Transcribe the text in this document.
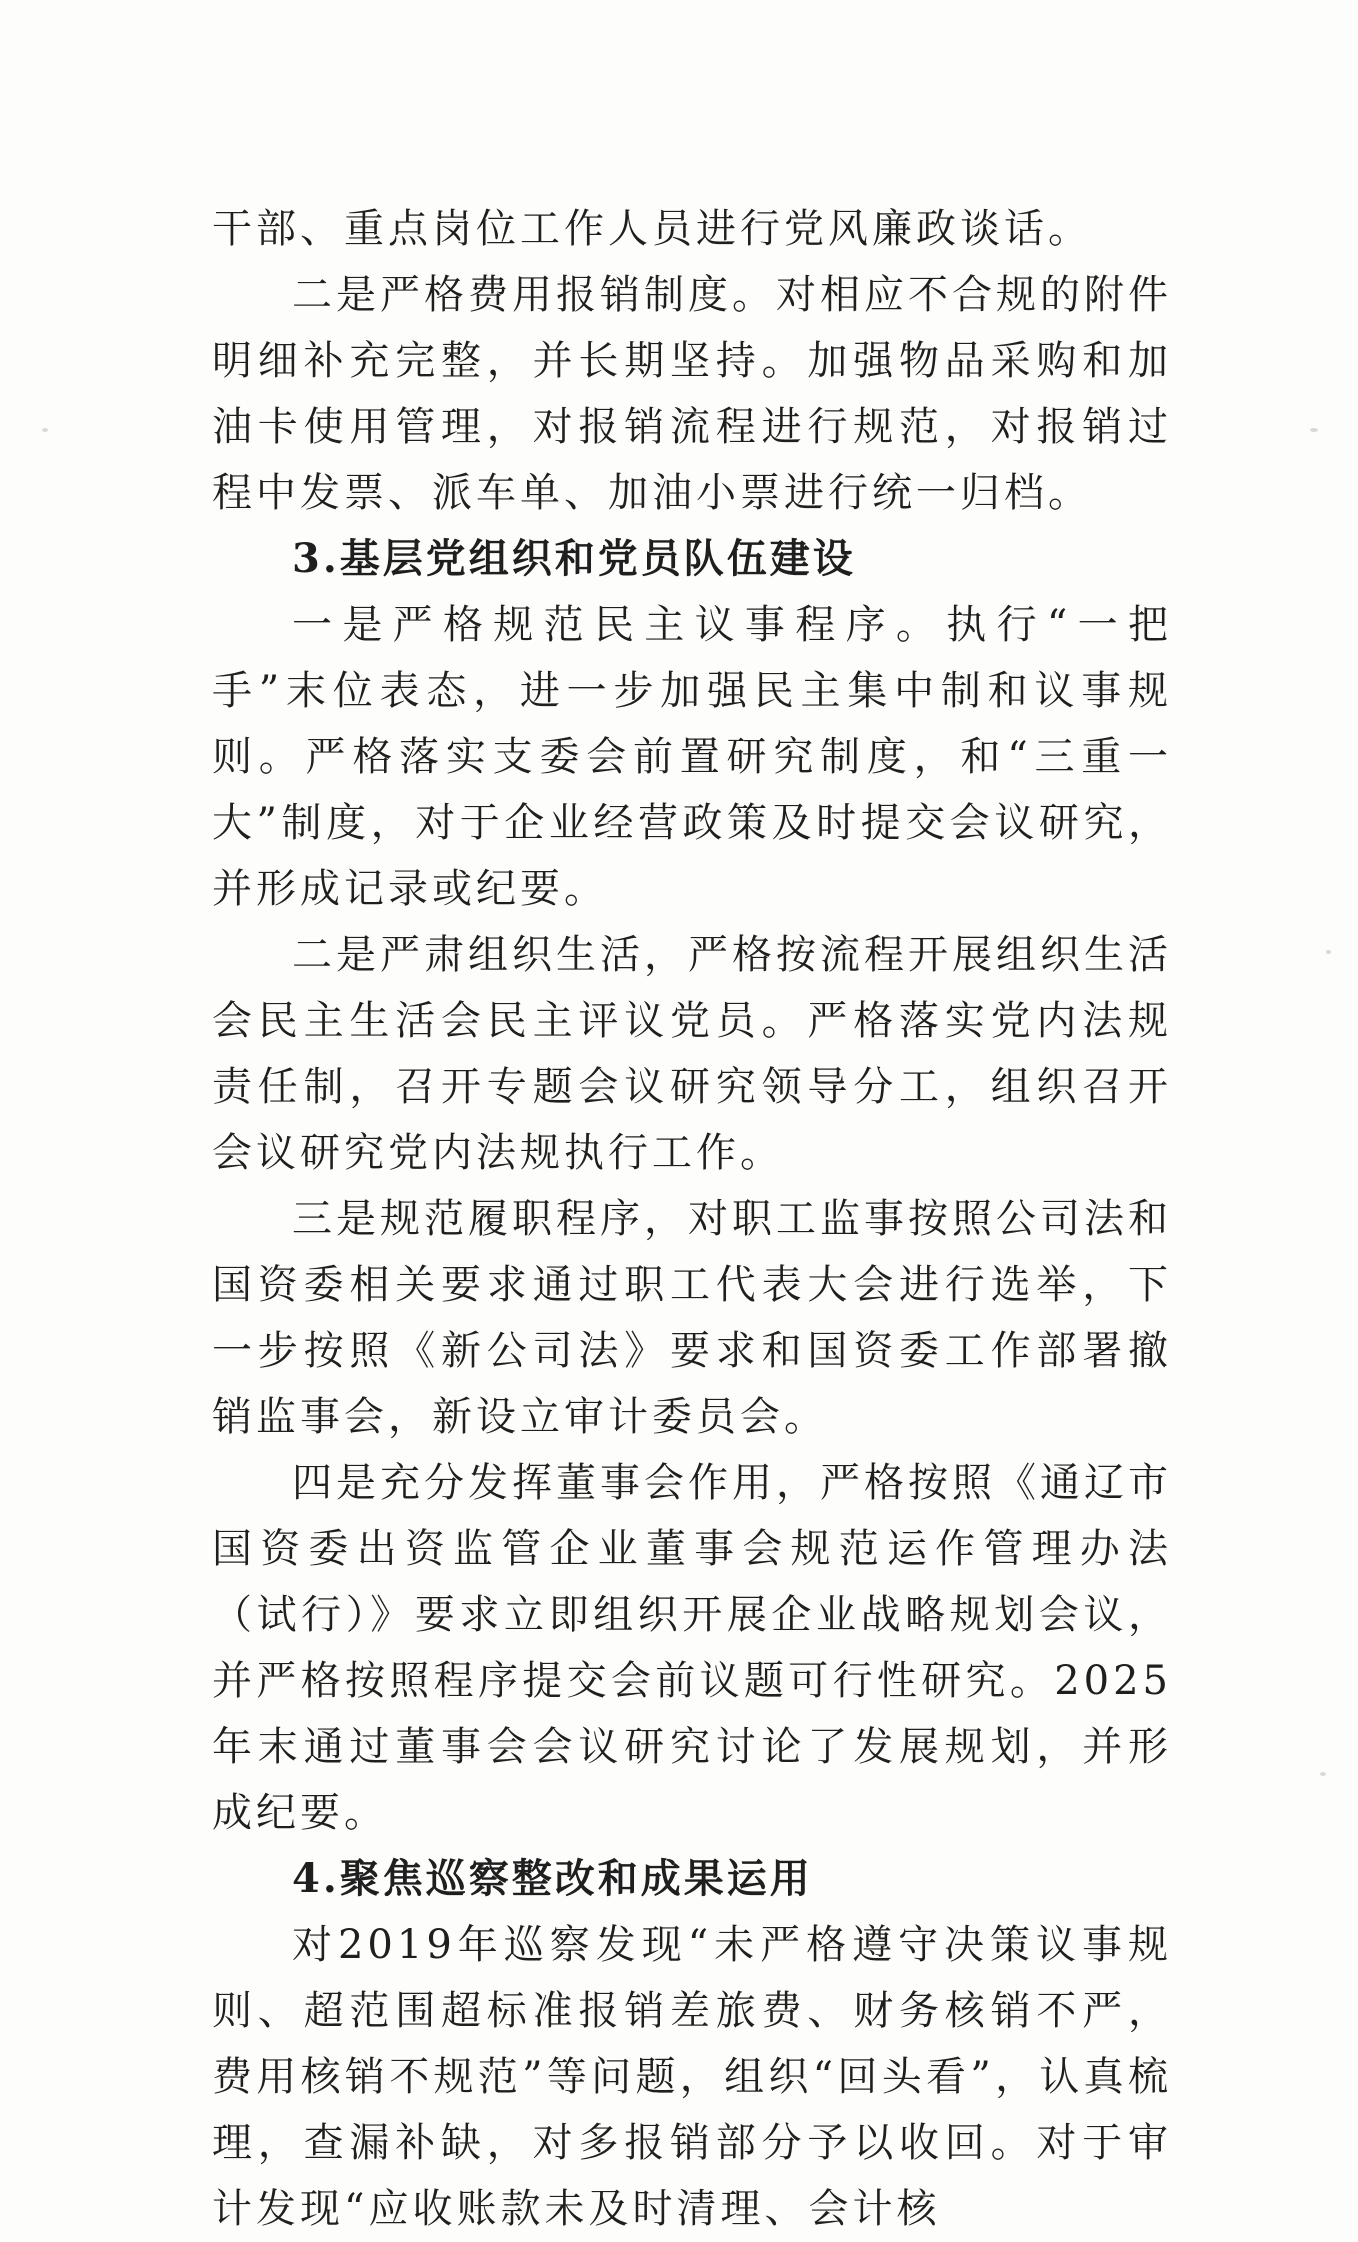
干部、重点岗位工作人员进行党风廉政谈话。

二是严格费用报销制度。对相应不合规的附件明细补充完整，并长期坚持。加强物品采购和加油卡使用管理，对报销流程进行规范，对报销过程中发票、派车单、加油小票进行统一归档。

3.基层党组织和党员队伍建设

一是严格规范民主议事程序。执行“一把手”末位表态，进一步加强民主集中制和议事规则。严格落实支委会前置研究制度，和“三重一大”制度，对于企业经营政策及时提交会议研究，并形成记录或纪要。

二是严肃组织生活，严格按流程开展组织生活会民主生活会民主评议党员。严格落实党内法规责任制，召开专题会议研究领导分工，组织召开会议研究党内法规执行工作。

三是规范履职程序，对职工监事按照公司法和国资委相关要求通过职工代表大会进行选举，下一步按照《新公司法》要求和国资委工作部署撤销监事会，新设立审计委员会。

四是充分发挥董事会作用，严格按照《通辽市国资委出资监管企业董事会规范运作管理办法（试行）》要求立即组织开展企业战略规划会议，并严格按照程序提交会前议题可行性研究。2025年末通过董事会会议研究讨论了发展规划，并形成纪要。

4.聚焦巡察整改和成果运用

对2019年巡察发现“未严格遵守决策议事规则、超范围超标准报销差旅费、财务核销不严，费用核销不规范”等问题，组织“回头看”，认真梳理，查漏补缺，对多报销部分予以收回。对于审计发现“应收账款未及时清理、会计核
